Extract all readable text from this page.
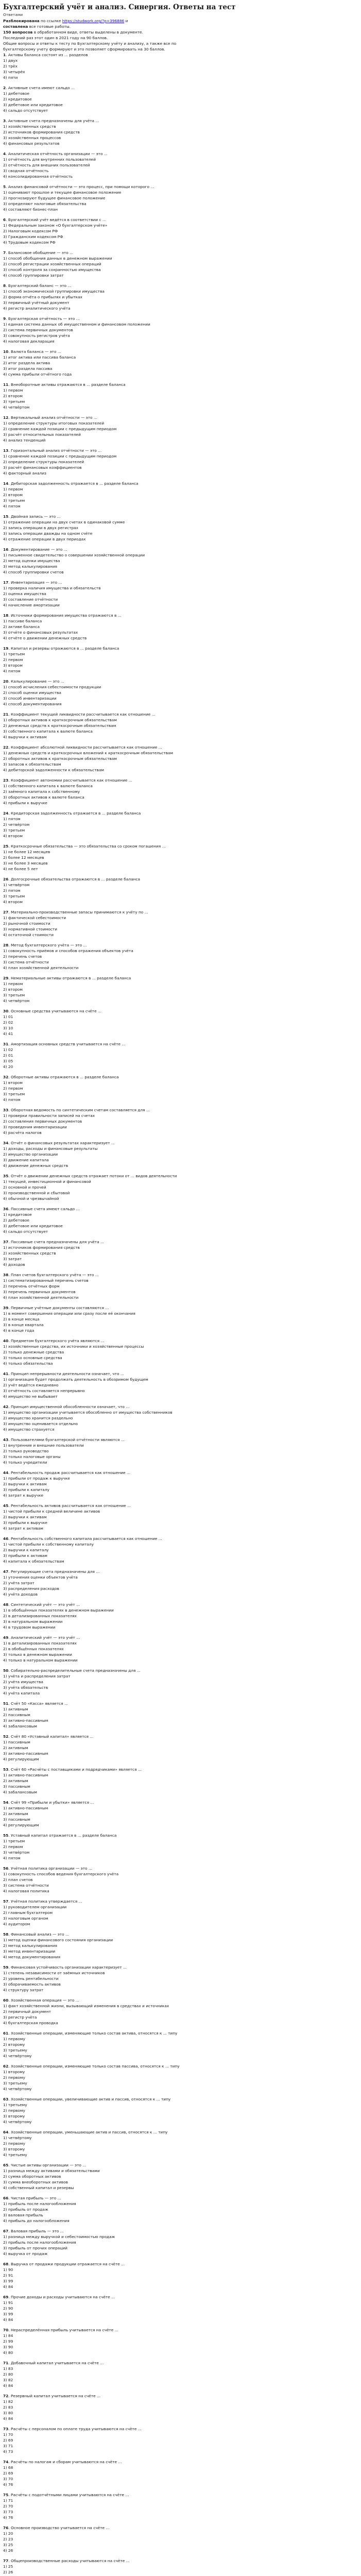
Бухгалтерский учёт и анализ. Синергия. Ответы на тест
Ответами

Разблокирована по ссылке https://studwork.org/?p=396886 и

составлена все готовые работы.

150 вопросов в обработанном виде, ответы выделены в документе.

Последний раз этот один в 2021 году на 90 баллов.

Общие вопросы и ответы к тесту по Бухгалтерскому учёту и анализу, а также все по

бухгалтерскому учету формируют и это позволяет сформировать на 30 баллов.

1. Активы баланса состоят из ... разделов
1) двух
2) трёх
3) четырёх
4) пяти
2. Активные счета имеют сальдо ...
1) дебетовое
2) кредитовое
3) дебетовое или кредитовое
4) сальдо отсутствует
3. Активные счета предназначены для учёта ...
1) хозяйственных средств
2) источников формирования средств
3) хозяйственных процессов
4) финансовых результатов
4. Аналитическая отчётность организации — это ...
1) отчётность для внутренних пользователей
2) отчётность для внешних пользователей
3) сводная отчётность
4) консолидированная отчётность
5. Анализ финансовой отчётности — это процесс, при помощи которого ...
1) оценивают прошлое и текущее финансовое положение
2) прогнозируют будущее финансовое положение
3) определяют налоговые обязательства
4) составляют бизнес-план
6. Бухгалтерский учёт ведётся в соответствии с ...
1) Федеральным законом «О бухгалтерском учёте»
2) Налоговым кодексом РФ
3) Гражданским кодексом РФ
4) Трудовым кодексом РФ
7. Балансовое обобщение — это ...
1) способ обобщения данных в денежном выражении
2) способ регистрации хозяйственных операций
3) способ контроля за сохранностью имущества
4) способ группировки затрат
8. Бухгалтерский баланс — это ...
1) способ экономической группировки имущества
2) форма отчёта о прибылях и убытках
3) первичный учётный документ
4) регистр аналитического учёта
9. Бухгалтерская отчётность — это ...
1) единая система данных об имущественном и финансовом положении
2) система первичных документов
3) совокупность регистров учёта
4) налоговая декларация
10. Валюта баланса — это ...
1) итог актива или пассива баланса
2) итог раздела актива
3) итог раздела пассива
4) сумма прибыли отчётного года
11. Внеоборотные активы отражаются в ... разделе баланса
1) первом
2) втором
3) третьем
4) четвёртом
12. Вертикальный анализ отчётности — это ...
1) определение структуры итоговых показателей
2) сравнение каждой позиции с предыдущим периодом
3) расчёт относительных показателей
4) анализ тенденций
13. Горизонтальный анализ отчётности — это ...
1) сравнение каждой позиции с предыдущим периодом
2) определение структуры показателей
3) расчёт финансовых коэффициентов
4) факторный анализ
14. Дебиторская задолженность отражается в ... разделе баланса
1) первом
2) втором
3) третьем
4) пятом
15. Двойная запись — это ...
1) отражение операции на двух счетах в одинаковой сумме
2) запись операции в двух регистрах
3) запись операции дважды на одном счёте
4) отражение операции в двух периодах
16. Документирование — это ...
1) письменное свидетельство о совершении хозяйственной операции
2) метод оценки имущества
3) метод калькулирования
4) способ группировки счетов
17. Инвентаризация — это ...
1) проверка наличия имущества и обязательств
2) оценка имущества
3) составление отчётности
4) начисление амортизации
18. Источники формирования имущества отражаются в ...
1) пассиве баланса
2) активе баланса
3) отчёте о финансовых результатах
4) отчёте о движении денежных средств
19. Капитал и резервы отражаются в ... разделе баланса
1) третьем
2) первом
3) втором
4) пятом
20. Калькулирование — это ...
1) способ исчисления себестоимости продукции
2) способ оценки имущества
3) способ инвентаризации
4) способ документирования
21. Коэффициент текущей ликвидности рассчитывается как отношение ...
1) оборотных активов к краткосрочным обязательствам
2) денежных средств к краткосрочным обязательствам
3) собственного капитала к валюте баланса
4) выручки к активам
22. Коэффициент абсолютной ликвидности рассчитывается как отношение ...
1) денежных средств и краткосрочных вложений к краткосрочным обязательствам
2) оборотных активов к краткосрочным обязательствам
3) запасов к обязательствам
4) дебиторской задолженности к обязательствам
23. Коэффициент автономии рассчитывается как отношение ...
1) собственного капитала к валюте баланса
2) заёмного капитала к собственному
3) оборотных активов к валюте баланса
4) прибыли к выручке
24. Кредиторская задолженность отражается в ... разделе баланса
1) пятом
2) четвёртом
3) третьем
4) втором
25. Краткосрочные обязательства — это обязательства со сроком погашения ...
1) не более 12 месяцев
2) более 12 месяцев
3) не более 3 месяцев
4) не более 5 лет
26. Долгосрочные обязательства отражаются в ... разделе баланса
1) четвёртом
2) пятом
3) третьем
4) втором
27. Материально-производственные запасы принимаются к учёту по ...
1) фактической себестоимости
2) рыночной стоимости
3) нормативной стоимости
4) остаточной стоимости
28. Метод бухгалтерского учёта — это ...
1) совокупность приёмов и способов отражения объектов учёта
2) перечень счетов
3) система отчётности
4) план хозяйственной деятельности
29. Нематериальные активы отражаются в ... разделе баланса
1) первом
2) втором
3) третьем
4) четвёртом
30. Основные средства учитываются на счёте ...
1) 01
2) 02
3) 10
4) 41
31. Амортизация основных средств учитывается на счёте ...
1) 02
2) 01
3) 05
4) 20
32. Оборотные активы отражаются в ... разделе баланса
1) втором
2) первом
3) третьем
4) пятом
33. Оборотная ведомость по синтетическим счетам составляется для ...
1) проверки правильности записей на счетах
2) составления первичных документов
3) проведения инвентаризации
4) расчёта налогов
34. Отчёт о финансовых результатах характеризует ...
1) доходы, расходы и финансовые результаты
2) имущество организации
3) движение капитала
4) движение денежных средств
35. Отчёт о движении денежных средств отражает потоки от ... видов деятельности
1) текущей, инвестиционной и финансовой
2) основной и прочей
3) производственной и сбытовой
4) обычной и чрезвычайной
36. Пассивные счета имеют сальдо ...
1) кредитовое
2) дебетовое
3) дебетовое или кредитовое
4) сальдо отсутствует
37. Пассивные счета предназначены для учёта ...
1) источников формирования средств
2) хозяйственных средств
3) затрат
4) доходов
38. План счетов бухгалтерского учёта — это ...
1) систематизированный перечень счетов
2) перечень отчётных форм
3) перечень первичных документов
4) план хозяйственной деятельности
39. Первичные учётные документы составляются ...
1) в момент совершения операции или сразу после её окончания
2) в конце месяца
3) в конце квартала
4) в конце года
40. Предметом бухгалтерского учёта являются ...
1) хозяйственные средства, их источники и хозяйственные процессы
2) только денежные средства
3) только основные средства
4) только обязательства
41. Принцип непрерывности деятельности означает, что ...
1) организация будет продолжать деятельность в обозримом будущем
2) учёт ведётся ежедневно
3) отчётность составляется непрерывно
4) имущество не выбывает
42. Принцип имущественной обособленности означает, что ...
1) имущество организации учитывается обособленно от имущества собственников
2) имущество хранится раздельно
3) имущество оценивается отдельно
4) имущество страхуется
43. Пользователями бухгалтерской отчётности являются ...
1) внутренние и внешние пользователи
2) только руководство
3) только налоговые органы
4) только учредители
44. Рентабельность продаж рассчитывается как отношение ...
1) прибыли от продаж к выручке
2) выручки к активам
3) прибыли к капиталу
4) затрат к выручке
45. Рентабельность активов рассчитывается как отношение ...
1) чистой прибыли к средней величине активов
2) выручки к активам
3) прибыли к выручке
4) затрат к активам
46. Рентабельность собственного капитала рассчитывается как отношение ...
1) чистой прибыли к собственному капиталу
2) выручки к капиталу
3) прибыли к активам
4) капитала к обязательствам
47. Регулирующие счета предназначены для ...
1) уточнения оценки объектов учёта
2) учёта затрат
3) распределения расходов
4) учёта доходов
48. Синтетический учёт — это учёт ...
1) в обобщённых показателях в денежном выражении
2) в детализированных показателях
3) в натуральном выражении
4) в трудовом выражении
49. Аналитический учёт — это учёт ...
1) в детализированных показателях
2) в обобщённых показателях
3) только в денежном выражении
4) только в натуральном выражении
50. Собирательно-распределительные счета предназначены для ...
1) учёта и распределения затрат
2) учёта имущества
3) учёта обязательств
4) учёта капитала
51. Счёт 50 «Касса» является ...
1) активным
2) пассивным
3) активно-пассивным
4) забалансовым
52. Счёт 80 «Уставный капитал» является ...
1) пассивным
2) активным
3) активно-пассивным
4) регулирующим
53. Счёт 60 «Расчёты с поставщиками и подрядчиками» является ...
1) активно-пассивным
2) активным
3) пассивным
4) забалансовым
54. Счёт 99 «Прибыли и убытки» является ...
1) активно-пассивным
2) активным
3) пассивным
4) регулирующим
55. Уставный капитал отражается в ... разделе баланса
1) третьем
2) первом
3) четвёртом
4) пятом
56. Учётная политика организации — это ...
1) совокупность способов ведения бухгалтерского учёта
2) план счетов
3) система отчётности
4) налоговая политика
57. Учётная политика утверждается ...
1) руководителем организации
2) главным бухгалтером
3) налоговым органом
4) аудитором
58. Финансовый анализ — это ...
1) метод оценки финансового состояния организации
2) метод калькулирования
3) метод инвентаризации
4) метод документирования
59. Финансовая устойчивость организации характеризует ...
1) степень независимости от заёмных источников
2) уровень рентабельности
3) оборачиваемость активов
4) структуру затрат
60. Хозяйственная операция — это ...
1) факт хозяйственной жизни, вызывающий изменения в средствах и источниках
2) первичный документ
3) регистр учёта
4) бухгалтерская проводка
61. Хозяйственные операции, изменяющие только состав актива, относятся к ... типу
1) первому
2) второму
3) третьему
4) четвёртому
62. Хозяйственные операции, изменяющие только состав пассива, относятся к ... типу
1) второму
2) первому
3) третьему
4) четвёртому
63. Хозяйственные операции, увеличивающие актив и пассив, относятся к ... типу
1) третьему
2) первому
3) второму
4) четвёртому
64. Хозяйственные операции, уменьшающие актив и пассив, относятся к ... типу
1) четвёртому
2) первому
3) второму
4) третьему
65. Чистые активы организации — это ...
1) разница между активами и обязательствами
2) сумма оборотных активов
3) сумма внеоборотных активов
4) собственный капитал и резервы
66. Чистая прибыль — это ...
1) прибыль после налогообложения
2) прибыль от продаж
3) валовая прибыль
4) прибыль до налогообложения
67. Валовая прибыль — это ...
1) разница между выручкой и себестоимостью продаж
2) прибыль после налогообложения
3) прибыль от прочих операций
4) выручка от продаж
68. Выручка от продажи продукции отражается на счёте ...
1) 90
2) 91
3) 99
4) 84
69. Прочие доходы и расходы учитываются на счёте ...
1) 91
2) 90
3) 99
4) 84
70. Нераспределённая прибыль учитывается на счёте ...
1) 84
2) 99
3) 90
4) 80
71. Добавочный капитал учитывается на счёте ...
1) 83
2) 80
3) 82
4) 84
72. Резервный капитал учитывается на счёте ...
1) 82
2) 83
3) 80
4) 84
73. Расчёты с персоналом по оплате труда учитываются на счёте ...
1) 70
2) 69
3) 71
4) 73
74. Расчёты по налогам и сборам учитываются на счёте ...
1) 68
2) 69
3) 70
4) 76
75. Расчёты с подотчётными лицами учитываются на счёте ...
1) 71
2) 70
3) 73
4) 76
76. Основное производство учитывается на счёте ...
1) 20
2) 23
3) 25
4) 26
77. Общепроизводственные расходы учитываются на счёте ...
1) 25
2) 26
